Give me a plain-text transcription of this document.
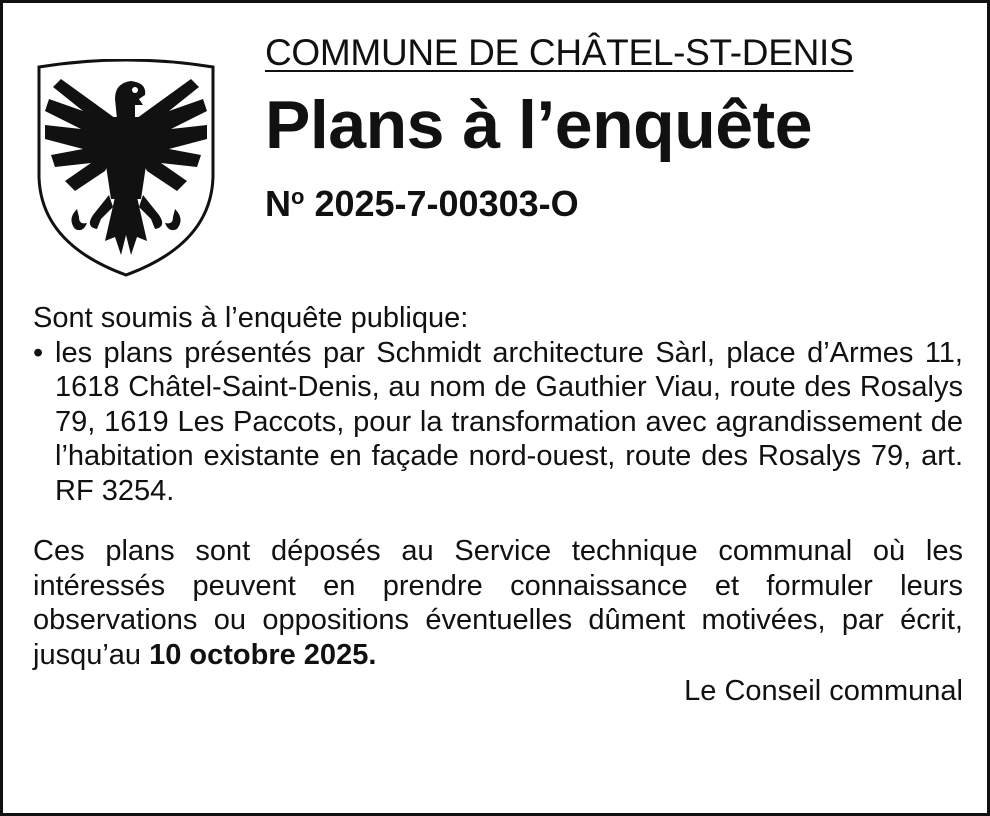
COMMUNE DE CHÂTEL-ST-DENIS
Plans à l’enquête
$N^o$ 2025-7-00303-O

Sont soumis à l’enquête publique:

• les plans présentés par Schmidt architecture Sàrl, place d’Armes 11, 1618 Châtel-Saint-Denis, au nom de Gauthier Viau, route des Rosalys 79, 1619 Les Paccots, pour la transformation avec agrandissement de l’habitation existante en façade nord-ouest, route des Rosalys 79, art. RF 3254.
Ces plans sont déposés au Service technique communal où les intéressés peuvent en prendre connaissance et formuler leurs observations ou oppositions éventuelles dûment motivées, par écrit, jusqu’au 10 octobre 2025.
Le Conseil communal
